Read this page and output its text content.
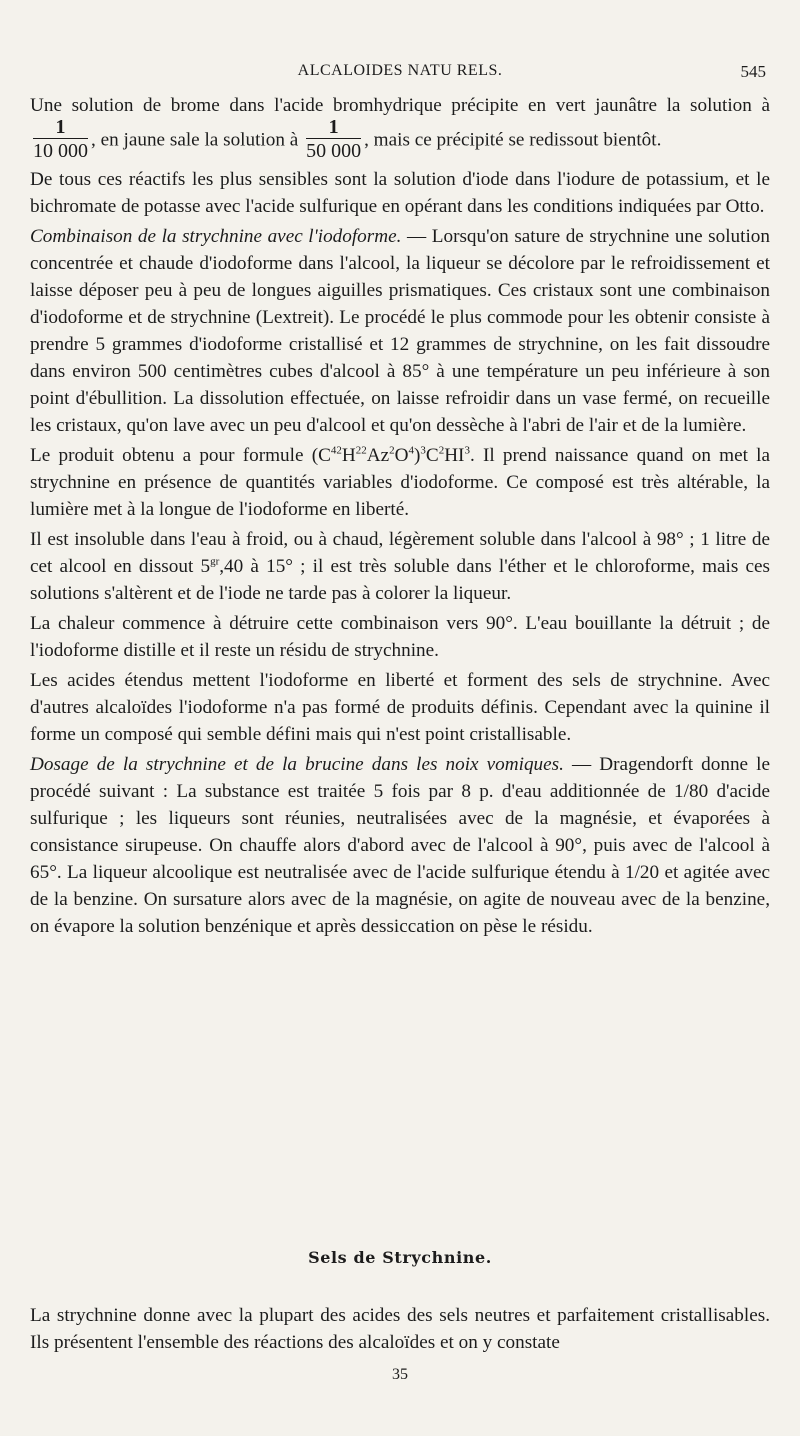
ALCALOIDES NATU RELS.	545

Une solution de brome dans l'acide bromhydrique précipite en vert jaunâtre la solution à
$\frac{1}{10 000}$ , en jaune sale la solution à $\frac{1}{50 000}$ , mais ce précipité se redissout bientôt.

De tous ces réactifs les plus sensibles sont la solution d'iode dans l'iodure de potassium, et le bichromate de potasse avec l'acide sulfurique en opérant dans les conditions indiquées par Otto.

Combinaison de la strychnine avec l'iodoforme. — Lorsqu'on sature de strychnine une solution concentrée et chaude d'iodoforme dans l'alcool, la liqueur se décolore par le refroidissement et laisse déposer peu à peu de longues aiguilles prismatiques. Ces cristaux sont une combinaison d'iodoforme et de strychnine (Lextreit). Le procédé le plus commode pour les obtenir consiste à prendre 5 grammes d'iodoforme cristallisé et 12 grammes de strychnine, on les fait dissoudre dans environ 500 centimètres cubes d'alcool à 85° à une température un peu inférieure à son point d'ébullition. La dissolution effectuée, on laisse refroidir dans un vase fermé, on recueille les cristaux, qu'on lave avec un peu d'alcool et qu'on dessèche à l'abri de l'air et de la lumière.

Le produit obtenu a pour formule $(C^{42}H^{22}Az^2O^4)^3C^2HI^3$. Il prend naissance quand on met la strychnine en présence de quantités variables d'iodoforme. Ce composé est très altérable, la lumière met à la longue de l'iodoforme en liberté.

Il est insoluble dans l'eau à froid, ou à chaud, légèrement soluble dans l'alcool à 98° ; 1 litre de cet alcool en dissout $5^{gr},40$ à 15° ; il est très soluble dans l'éther et le chloroforme, mais ces solutions s'altèrent et de l'iode ne tarde pas à colorer la liqueur.

La chaleur commence à détruire cette combinaison vers 90°. L'eau bouillante la détruit ; de l'iodoforme distille et il reste un résidu de strychnine.

Les acides étendus mettent l'iodoforme en liberté et forment des sels de strychnine. Avec d'autres alcaloïdes l'iodoforme n'a pas formé de produits définis. Cependant avec la quinine il forme un composé qui semble défini mais qui n'est point cristallisable.

Dosage de la strychnine et de la brucine dans les noix vomiques. — Dragendorft donne le procédé suivant : La substance est traitée 5 fois par 8 p. d'eau additionnée de 1/80 d'acide sulfurique ; les liqueurs sont réunies, neutralisées avec de la magnésie, et évaporées à consistance sirupeuse. On chauffe alors d'abord avec de l'alcool à 90°, puis avec de l'alcool à 65°. La liqueur alcoolique est neutralisée avec de l'acide sulfurique étendu à 1/20 et agitée avec de la benzine. On sursature alors avec de la magnésie, on agite de nouveau avec de la benzine, on évapore la solution benzénique et après dessiccation on pèse le résidu.

Sels de Strychnine.

La strychnine donne avec la plupart des acides des sels neutres et parfaitement cristallisables. Ils présentent l'ensemble des réactions des alcaloïdes et on y constate

35
